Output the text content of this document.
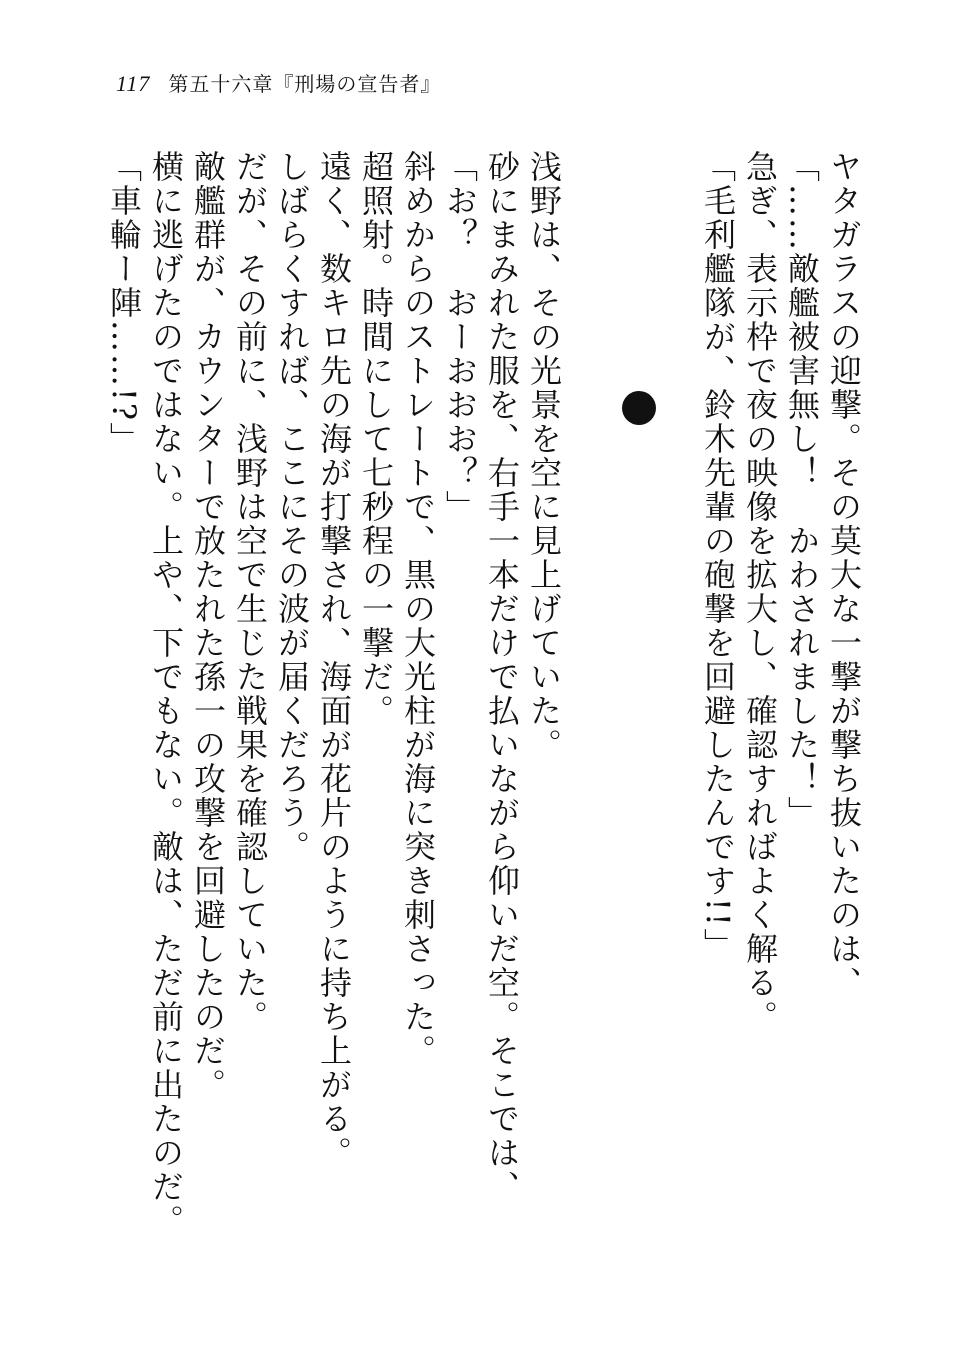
117 第五十六章『刑場の宣告者』

ヤタガラスの迎撃。その莫大な一撃が撃ち抜いたのは、

「……敵艦被害無し！　かわされました！」

急ぎ、表示枠で夜の映像を拡大し、確認すればよく解る。

「毛利艦隊が、鈴木先輩の砲撃を回避したんです!!」

浅野は、その光景を空に見上げていた。

砂にまみれた服を、右手一本だけで払いながら仰いだ空。そこでは、

「お？　おーおおお？」

斜めからのストレートで、黒の大光柱が海に突き刺さった。

超照射。時間にして七秒程の一撃だ。

遠く、数キロ先の海が打撃され、海面が花片のように持ち上がる。

しばらくすれば、ここにその波が届くだろう。

だが、その前に、浅野は空で生じた戦果を確認していた。

敵艦群が、カウンターで放たれた孫一の攻撃を回避したのだ。

横に逃げたのではない。上や、下でもない。敵は、ただ前に出たのだ。

「車輪ー陣……!?」
